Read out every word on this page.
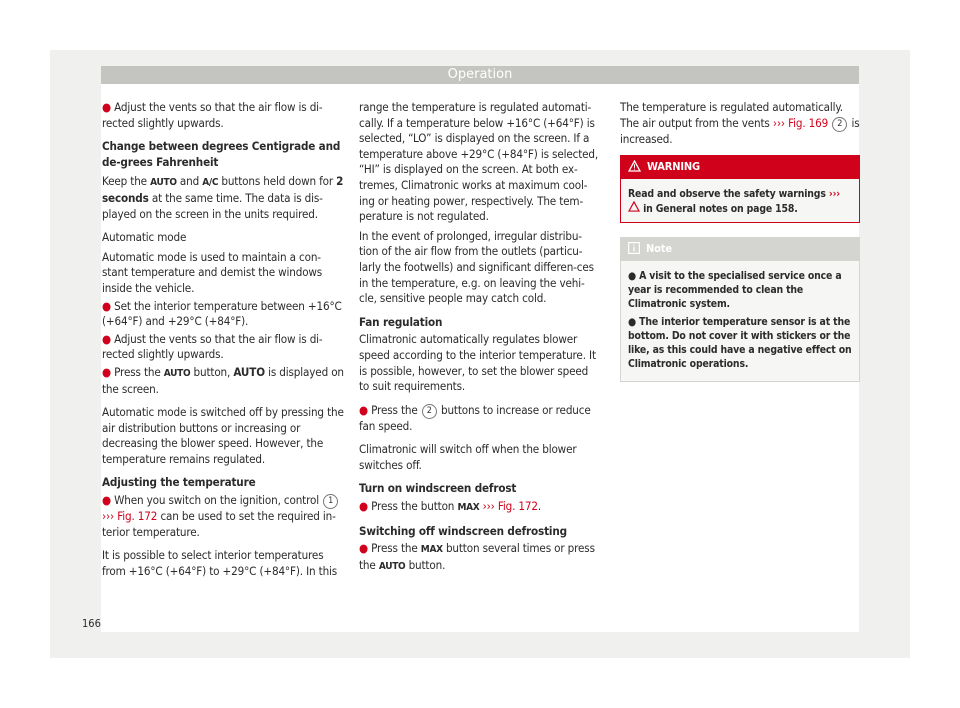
Operation

● Adjust the vents so that the air flow is di-rected slightly upwards.

Change between degrees Centigrade and de-grees Fahrenheit

Keep the AUTO and A/C buttons held down for 2 seconds at the same time. The data is dis-played on the screen in the units required.

Automatic mode

Automatic mode is used to maintain a con-stant temperature and demist the windows inside the vehicle.

● Set the interior temperature between +16°C (+64°F) and +29°C (+84°F).

● Adjust the vents so that the air flow is di-rected slightly upwards.

● Press the AUTO button, AUTO is displayed on the screen.

Automatic mode is switched off by pressing the air distribution buttons or increasing or decreasing the blower speed. However, the temperature remains regulated.

Adjusting the temperature

● When you switch on the ignition, control 1 ››› Fig. 172 can be used to set the required in-terior temperature.

It is possible to select interior temperatures from +16°C (+64°F) to +29°C (+84°F). In this

range the temperature is regulated automati-cally. If a temperature below +16°C (+64°F) is selected, “LO” is displayed on the screen. If a temperature above +29°C (+84°F) is selected, “HI” is displayed on the screen. At both ex-tremes, Climatronic works at maximum cool-ing or heating power, respectively. The tem-perature is not regulated.

In the event of prolonged, irregular distribu-tion of the air flow from the outlets (particu-larly the footwells) and significant differen-ces in the temperature, e.g. on leaving the vehi-cle, sensitive people may catch cold.

Fan regulation

Climatronic automatically regulates blower speed according to the interior temperature. It is possible, however, to set the blower speed to suit requirements.

● Press the 2 buttons to increase or reduce fan speed.

Climatronic will switch off when the blower switches off.

Turn on windscreen defrost

● Press the button MAX ››› Fig. 172.

Switching off windscreen defrosting

● Press the MAX button several times or press the AUTO button.

The temperature is regulated automatically. The air output from the vents ››› Fig. 169 2 is increased.

WARNING
Read and observe the safety warnings ›››  in General notes on page 158.
Note

● A visit to the specialised service once a year is recommended to clean the Climatronic system.

● The interior temperature sensor is at the bottom. Do not cover it with stickers or the like, as this could have a negative effect on Climatronic operations.

166
